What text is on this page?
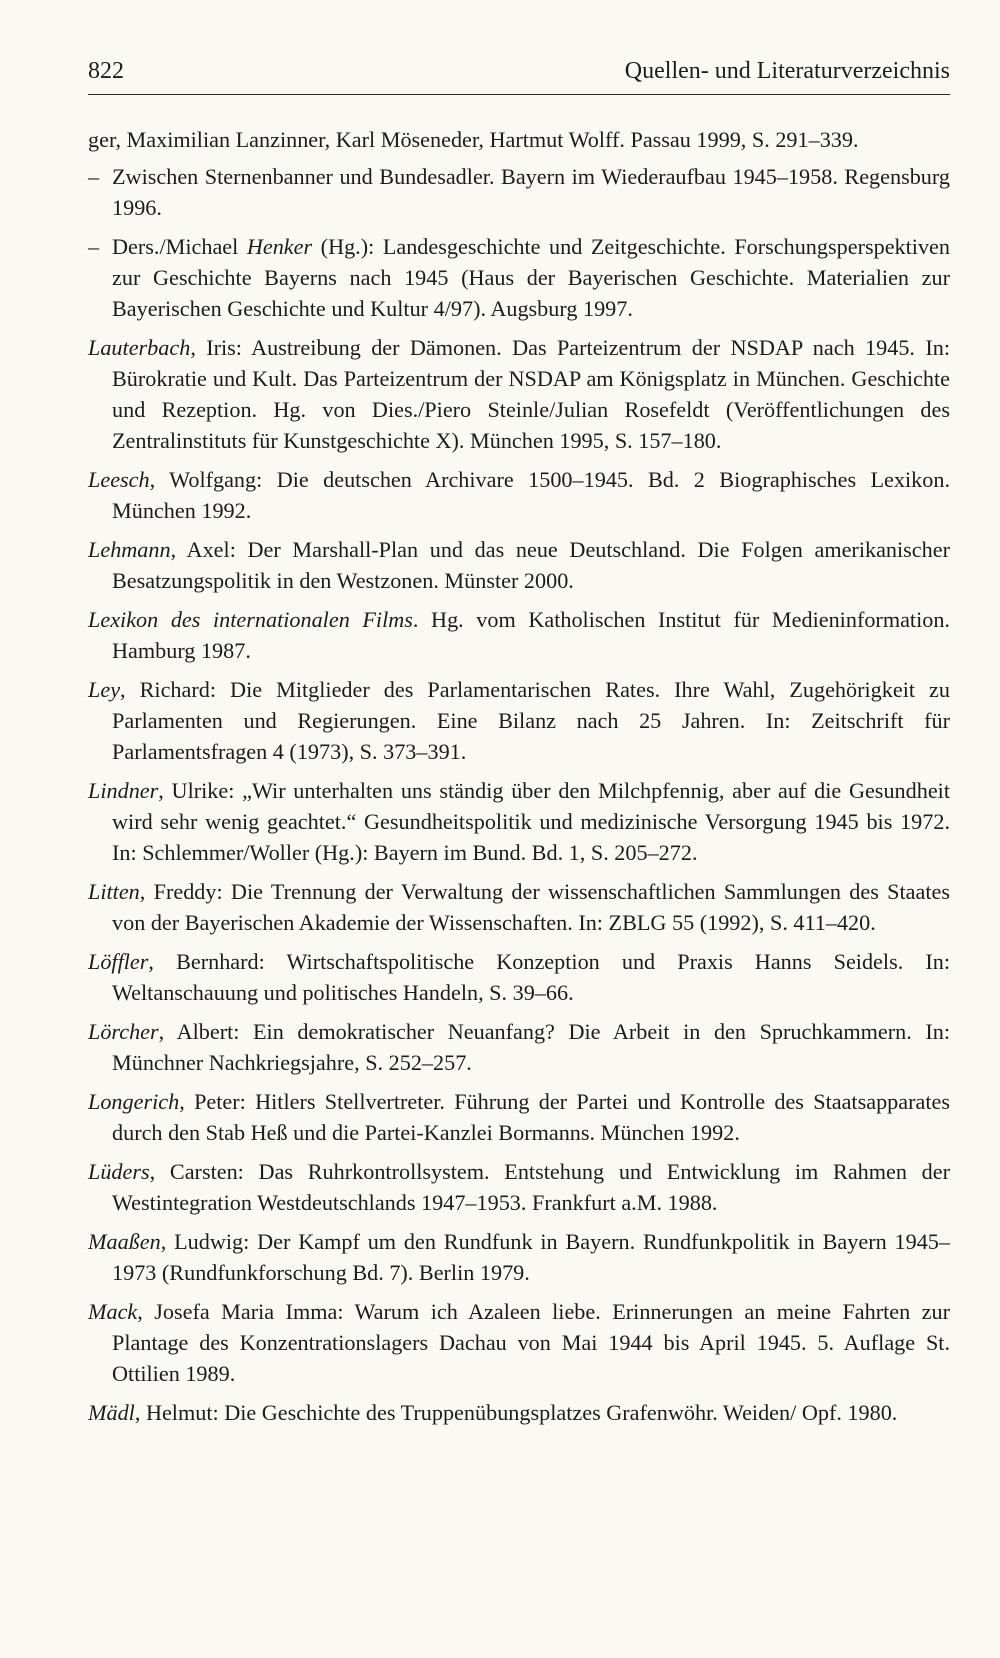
822	Quellen- und Literaturverzeichnis

ger, Maximilian Lanzinner, Karl Möseneder, Hartmut Wolff. Passau 1999, S. 291–339.

– Zwischen Sternenbanner und Bundesadler. Bayern im Wiederaufbau 1945–1958. Regensburg 1996.

– Ders./Michael Henker (Hg.): Landesgeschichte und Zeitgeschichte. Forschungsperspektiven zur Geschichte Bayerns nach 1945 (Haus der Bayerischen Geschichte. Materialien zur Bayerischen Geschichte und Kultur 4/97). Augsburg 1997.

Lauterbach, Iris: Austreibung der Dämonen. Das Parteizentrum der NSDAP nach 1945. In: Bürokratie und Kult. Das Parteizentrum der NSDAP am Königsplatz in München. Geschichte und Rezeption. Hg. von Dies./Piero Steinle/Julian Rosefeldt (Veröffentlichungen des Zentralinstituts für Kunstgeschichte X). München 1995, S. 157–180.

Leesch, Wolfgang: Die deutschen Archivare 1500–1945. Bd. 2 Biographisches Lexikon. München 1992.

Lehmann, Axel: Der Marshall-Plan und das neue Deutschland. Die Folgen amerikanischer Besatzungspolitik in den Westzonen. Münster 2000.

Lexikon des internationalen Films. Hg. vom Katholischen Institut für Medieninformation. Hamburg 1987.

Ley, Richard: Die Mitglieder des Parlamentarischen Rates. Ihre Wahl, Zugehörigkeit zu Parlamenten und Regierungen. Eine Bilanz nach 25 Jahren. In: Zeitschrift für Parlamentsfragen 4 (1973), S. 373–391.

Lindner, Ulrike: „Wir unterhalten uns ständig über den Milchpfennig, aber auf die Gesundheit wird sehr wenig geachtet.“ Gesundheitspolitik und medizinische Versorgung 1945 bis 1972. In: Schlemmer/Woller (Hg.): Bayern im Bund. Bd. 1, S. 205–272.

Litten, Freddy: Die Trennung der Verwaltung der wissenschaftlichen Sammlungen des Staates von der Bayerischen Akademie der Wissenschaften. In: ZBLG 55 (1992), S. 411–420.

Löffler, Bernhard: Wirtschaftspolitische Konzeption und Praxis Hanns Seidels. In: Weltanschauung und politisches Handeln, S. 39–66.

Lörcher, Albert: Ein demokratischer Neuanfang? Die Arbeit in den Spruchkammern. In: Münchner Nachkriegsjahre, S. 252–257.

Longerich, Peter: Hitlers Stellvertreter. Führung der Partei und Kontrolle des Staatsapparates durch den Stab Heß und die Partei-Kanzlei Bormanns. München 1992.

Lüders, Carsten: Das Ruhrkontrollsystem. Entstehung und Entwicklung im Rahmen der Westintegration Westdeutschlands 1947–1953. Frankfurt a.M. 1988.

Maaßen, Ludwig: Der Kampf um den Rundfunk in Bayern. Rundfunkpolitik in Bayern 1945–1973 (Rundfunkforschung Bd. 7). Berlin 1979.

Mack, Josefa Maria Imma: Warum ich Azaleen liebe. Erinnerungen an meine Fahrten zur Plantage des Konzentrationslagers Dachau von Mai 1944 bis April 1945. 5. Auflage St. Ottilien 1989.

Mädl, Helmut: Die Geschichte des Truppenübungsplatzes Grafenwöhr. Weiden/ Opf. 1980.
